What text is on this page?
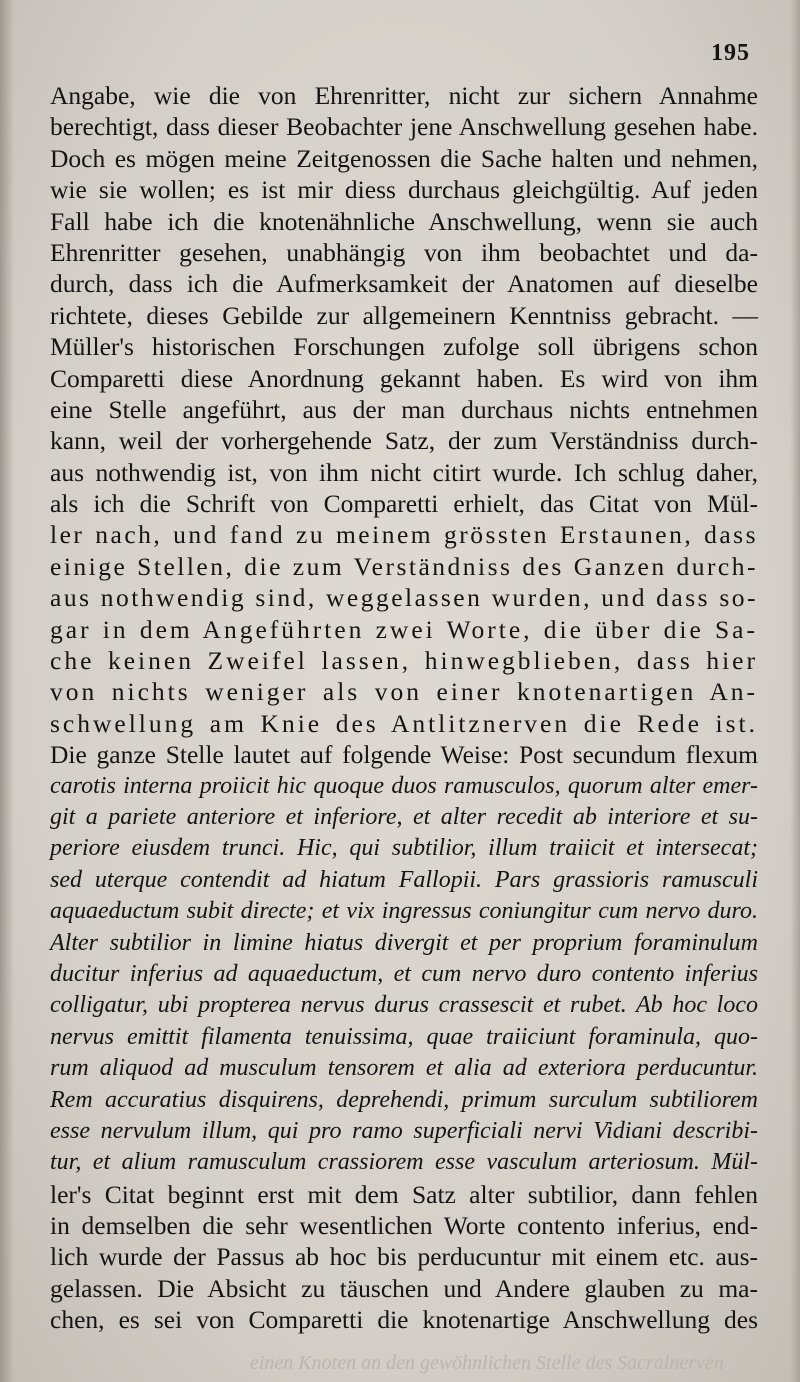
195
Angabe, wie die von Ehrenritter, nicht zur sichern Annahme
berechtigt, dass dieser Beobachter jene Anschwellung gesehen habe.
Doch es mögen meine Zeitgenossen die Sache halten und nehmen,
wie sie wollen; es ist mir diess durchaus gleichgültig. Auf jeden
Fall habe ich die knotenähnliche Anschwellung, wenn sie auch
Ehrenritter gesehen, unabhängig von ihm beobachtet und da-
durch, dass ich die Aufmerksamkeit der Anatomen auf dieselbe
richtete, dieses Gebilde zur allgemeinern Kenntniss gebracht. —
Müller's historischen Forschungen zufolge soll übrigens schon
Comparetti diese Anordnung gekannt haben. Es wird von ihm
eine Stelle angeführt, aus der man durchaus nichts entnehmen
kann, weil der vorhergehende Satz, der zum Verständniss durch-
aus nothwendig ist, von ihm nicht citirt wurde. Ich schlug daher,
als ich die Schrift von Comparetti erhielt, das Citat von Mül-
ler nach, und fand zu meinem grössten Erstaunen, dass
einige Stellen, die zum Verständniss des Ganzen durch-
aus nothwendig sind, weggelassen wurden, und dass so-
gar in dem Angeführten zwei Worte, die über die Sa-
che keinen Zweifel lassen, hinwegblieben, dass hier
von nichts weniger als von einer knotenartigen An-
schwellung am Knie des Antlitznerven die Rede ist.
Die ganze Stelle lautet auf folgende Weise: Post secundum flexum
carotis interna proiicit hic quoque duos ramusculos, quorum alter emer-
git a pariete anteriore et inferiore, et alter recedit ab interiore et su-
periore eiusdem trunci. Hic, qui subtilior, illum traiicit et intersecat;
sed uterque contendit ad hiatum Fallopii. Pars grassioris ramusculi
aquaeductum subit directe; et vix ingressus coniungitur cum nervo duro.
Alter subtilior in limine hiatus divergit et per proprium foraminulum
ducitur inferius ad aquaeductum, et cum nervo duro contento inferius
colligatur, ubi propterea nervus durus crassescit et rubet. Ab hoc loco
nervus emittit filamenta tenuissima, quae traiiciunt foraminula, quo-
rum aliquod ad musculum tensorem et alia ad exteriora perducuntur.
Rem accuratius disquirens, deprehendi, primum surculum subtiliorem
esse nervulum illum, qui pro ramo superficiali nervi Vidiani describi-
tur, et alium ramusculum crassiorem esse vasculum arteriosum. Mül-
ler's Citat beginnt erst mit dem Satz alter subtilior, dann fehlen
in demselben die sehr wesentlichen Worte contento inferius, end-
lich wurde der Passus ab hoc bis perducuntur mit einem etc. aus-
gelassen. Die Absicht zu täuschen und Andere glauben zu ma-
chen, es sei von Comparetti die knotenartige Anschwellung des
einen Knoten an den gewöhnlichen Stelle des Sacralnerven
